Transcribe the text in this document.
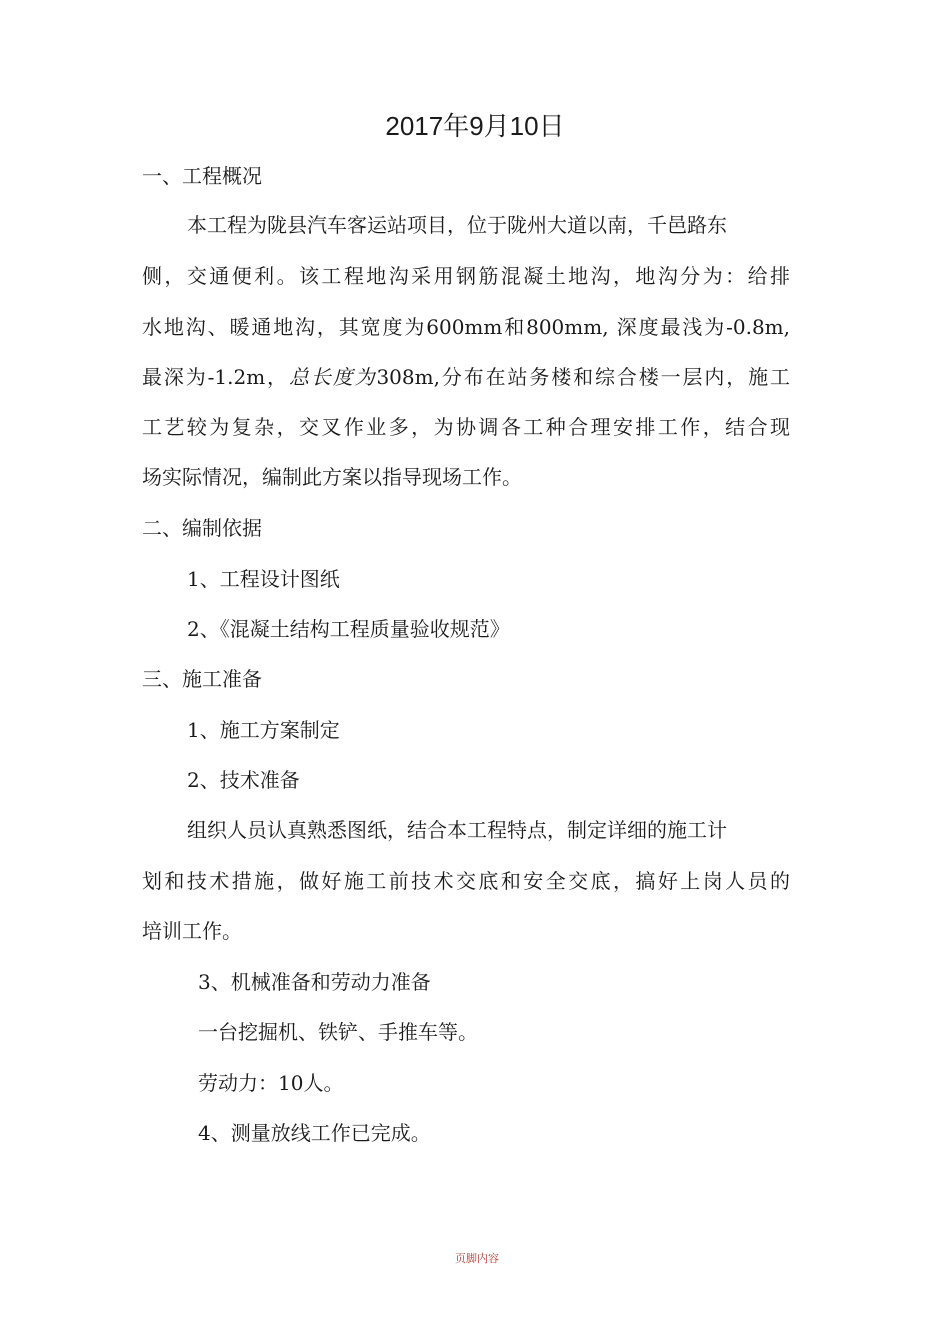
2017年9月10日
一、工程概况
本工程为陇县汽车客运站项目，位于陇州大道以南，千邑路东
侧，交通便利。该工程地沟采用钢筋混凝土地沟，地沟分为：给排
水地沟、暖通地沟，其宽度为600mm和800mm, 深度最浅为-0.8m,
最深为-1.2m，总长度为308m,分布在站务楼和综合楼一层内，施工
工艺较为复杂，交叉作业多，为协调各工种合理安排工作，结合现
场实际情况，编制此方案以指导现场工作。
二、编制依据
1、工程设计图纸
2、《混凝土结构工程质量验收规范》
三、施工准备
1、施工方案制定
2、技术准备
组织人员认真熟悉图纸，结合本工程特点，制定详细的施工计
划和技术措施，做好施工前技术交底和安全交底，搞好上岗人员的
培训工作。
3、机械准备和劳动力准备
一台挖掘机、铁铲、手推车等。
劳动力：10人。
4、测量放线工作已完成。
页脚内容
